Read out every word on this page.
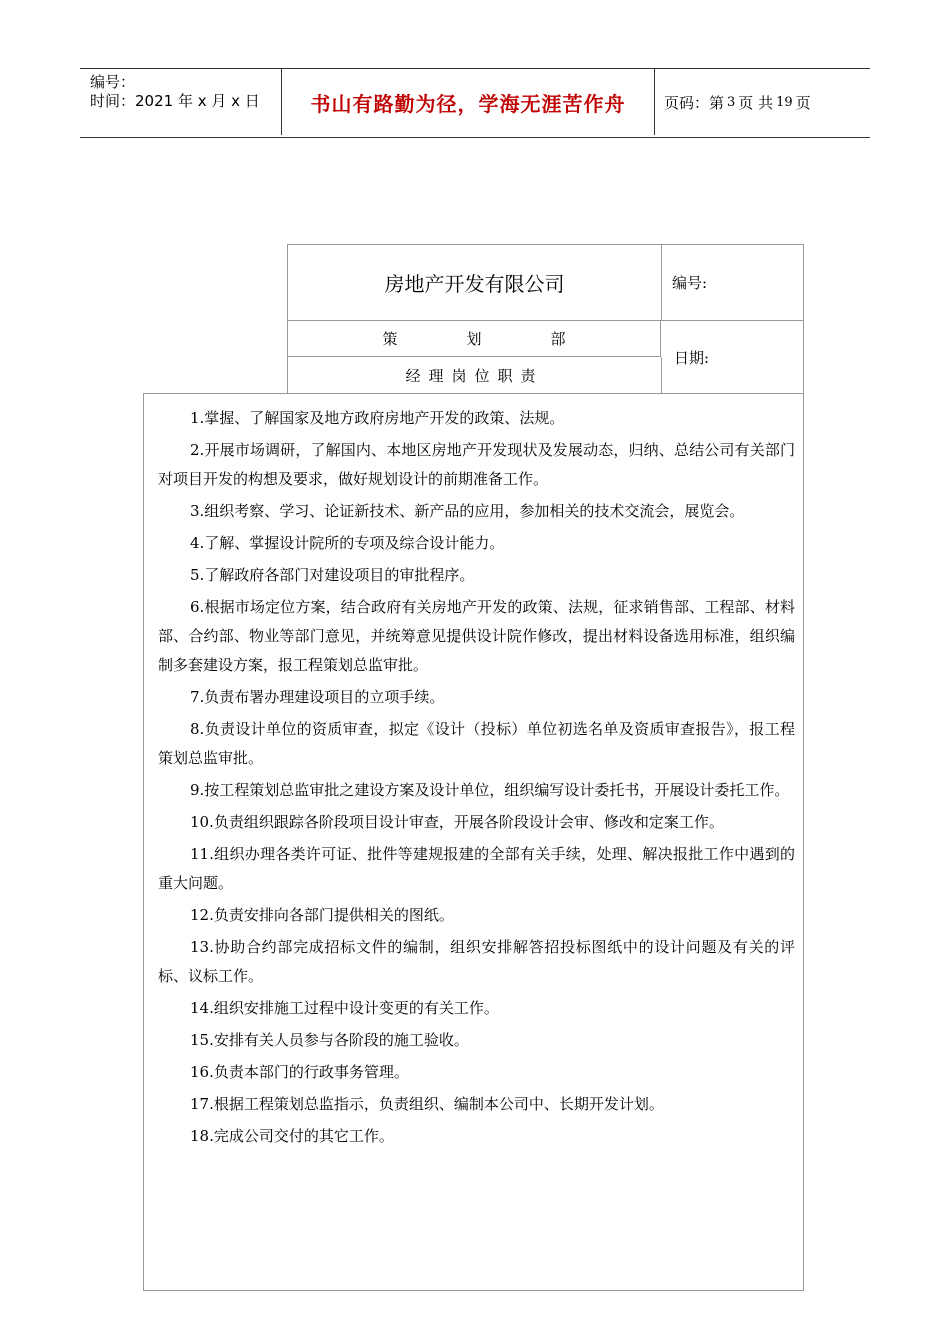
编号：
时间：2021 年 x 月 x 日	书山有路勤为径，学海无涯苦作舟	页码：第 3 页 共 19 页
房地产开发有限公司	编号:
策	划	部
经理岗位职责
日期:
1.掌握、了解国家及地方政府房地产开发的政策、法规。
2.开展市场调研，了解国内、本地区房地产开发现状及发展动态，归纳、总结公司有关部门对项目开发的构想及要求，做好规划设计的前期准备工作。
3.组织考察、学习、论证新技术、新产品的应用，参加相关的技术交流会，展览会。
4.了解、掌握设计院所的专项及综合设计能力。
5.了解政府各部门对建设项目的审批程序。
6.根据市场定位方案，结合政府有关房地产开发的政策、法规，征求销售部、工程部、材料部、合约部、物业等部门意见，并统筹意见提供设计院作修改，提出材料设备选用标准，组织编制多套建设方案，报工程策划总监审批。
7.负责布署办理建设项目的立项手续。
8.负责设计单位的资质审查，拟定《设计（投标）单位初选名单及资质审查报告》，报工程策划总监审批。
9.按工程策划总监审批之建设方案及设计单位，组织编写设计委托书，开展设计委托工作。
10.负责组织跟踪各阶段项目设计审查，开展各阶段设计会审、修改和定案工作。
11.组织办理各类许可证、批件等建规报建的全部有关手续，处理、解决报批工作中遇到的重大问题。
12.负责安排向各部门提供相关的图纸。
13.协助合约部完成招标文件的编制，组织安排解答招投标图纸中的设计问题及有关的评标、议标工作。
14.组织安排施工过程中设计变更的有关工作。
15.安排有关人员参与各阶段的施工验收。
16.负责本部门的行政事务管理。
17.根据工程策划总监指示，负责组织、编制本公司中、长期开发计划。
18.完成公司交付的其它工作。
